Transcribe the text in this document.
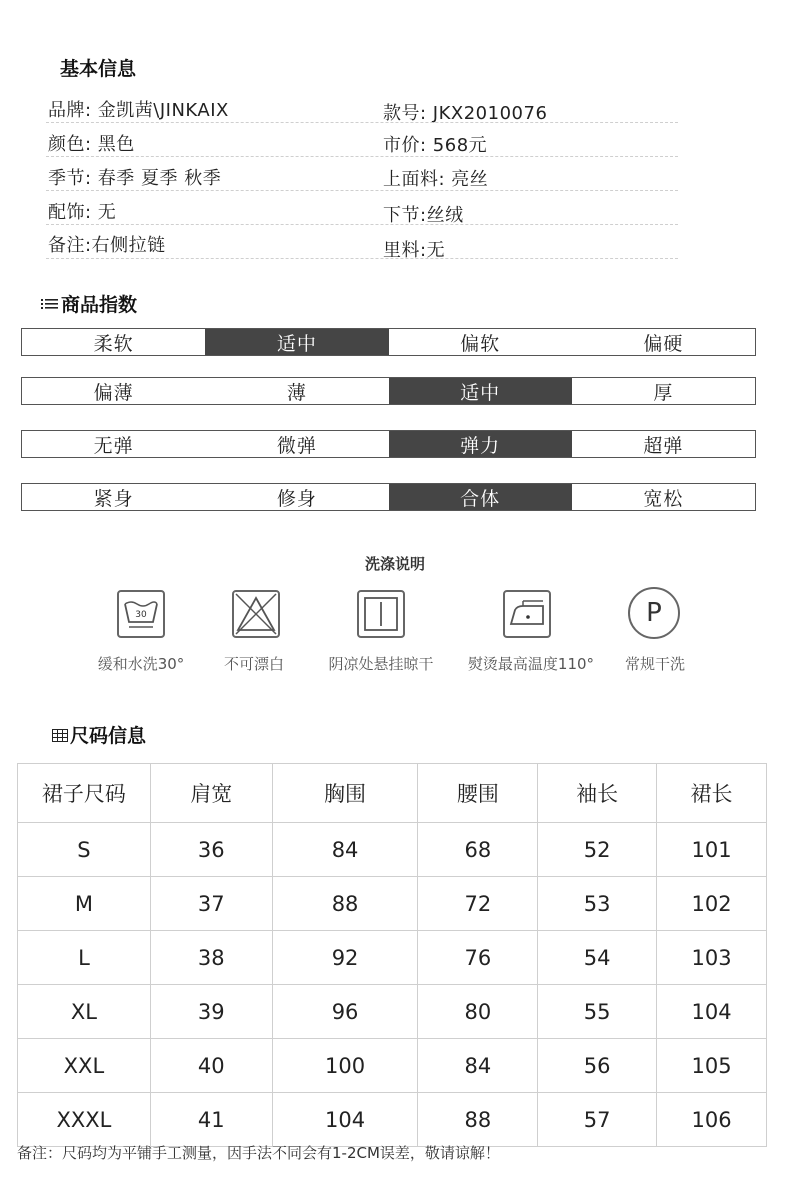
基本信息
品牌: 金凯茜\JINKAIX
颜色: 黑色
季节: 春季 夏季 秋季
配饰: 无
备注:右侧拉链
款号: JKX2010076
市价: 568元
上面料: 亮丝
下节:丝绒
里料:无
商品指数
柔软	适中	偏软	偏硬
偏薄	薄	适中	厚
无弹	微弹	弹力	超弹
紧身	修身	合体	宽松
洗涤说明
30	P
缓和水洗30°	不可漂白	阴凉处悬挂晾干 熨烫最高温度110° 常规干洗
尺码信息
裙子尺码	肩宽	胸围	腰围	袖长	裙长
S	36	84	68	52	101
M	37	88	72	53	102
L	38	92	76	54	103
XL	39	96	80	55	104
XXL	40	100	84	56	105
XXXL	41	104	88	57	106
备注：尺码均为平铺手工测量，因手法不同会有1-2CM误差，敬请谅解！
